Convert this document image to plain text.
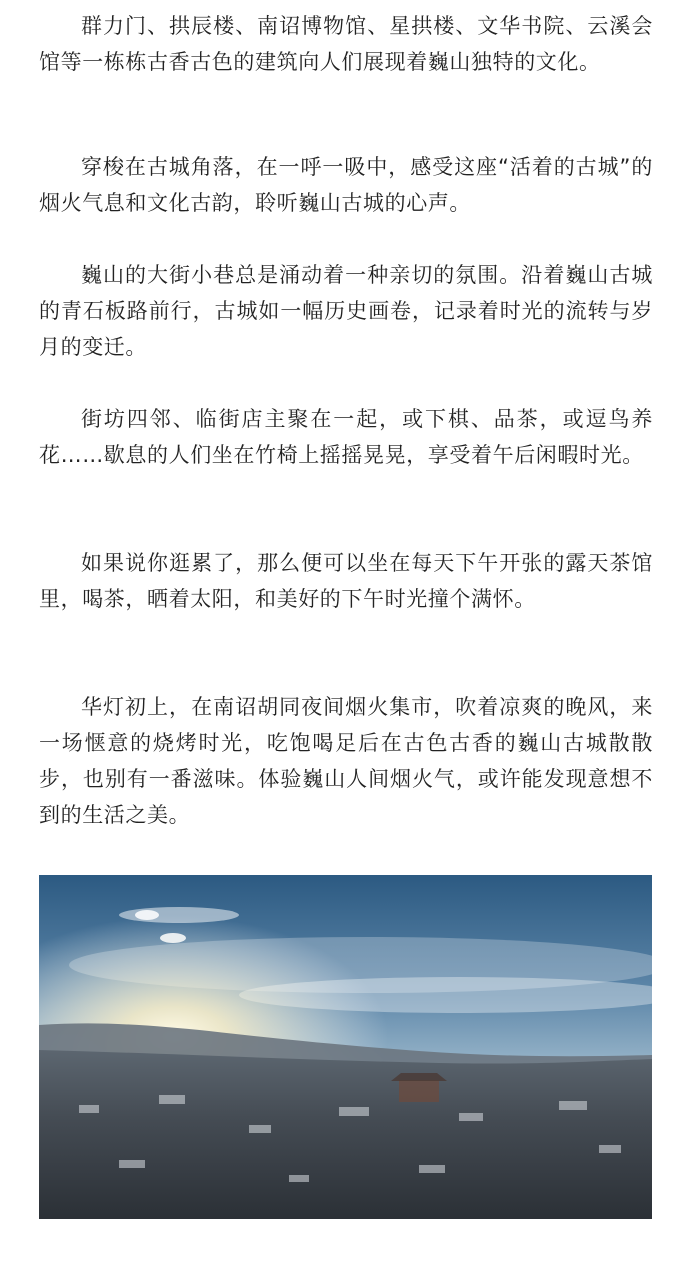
群力门、拱辰楼、南诏博物馆、星拱楼、文华书院、云溪会馆等一栋栋古香古色的建筑向人们展现着巍山独特的文化。

穿梭在古城角落，在一呼一吸中，感受这座“活着的古城”的烟火气息和文化古韵，聆听巍山古城的心声。

巍山的大街小巷总是涌动着一种亲切的氛围。沿着巍山古城的青石板路前行，古城如一幅历史画卷，记录着时光的流转与岁月的变迁。

街坊四邻、临街店主聚在一起，或下棋、品茶，或逗鸟养花……歇息的人们坐在竹椅上摇摇晃晃，享受着午后闲暇时光。

如果说你逛累了，那么便可以坐在每天下午开张的露天茶馆里，喝茶，晒着太阳，和美好的下午时光撞个满怀。

华灯初上，在南诏胡同夜间烟火集市，吹着凉爽的晚风，来一场惬意的烧烤时光，吃饱喝足后在古色古香的巍山古城散散步，也别有一番滋味。体验巍山人间烟火气，或许能发现意想不到的生活之美。
